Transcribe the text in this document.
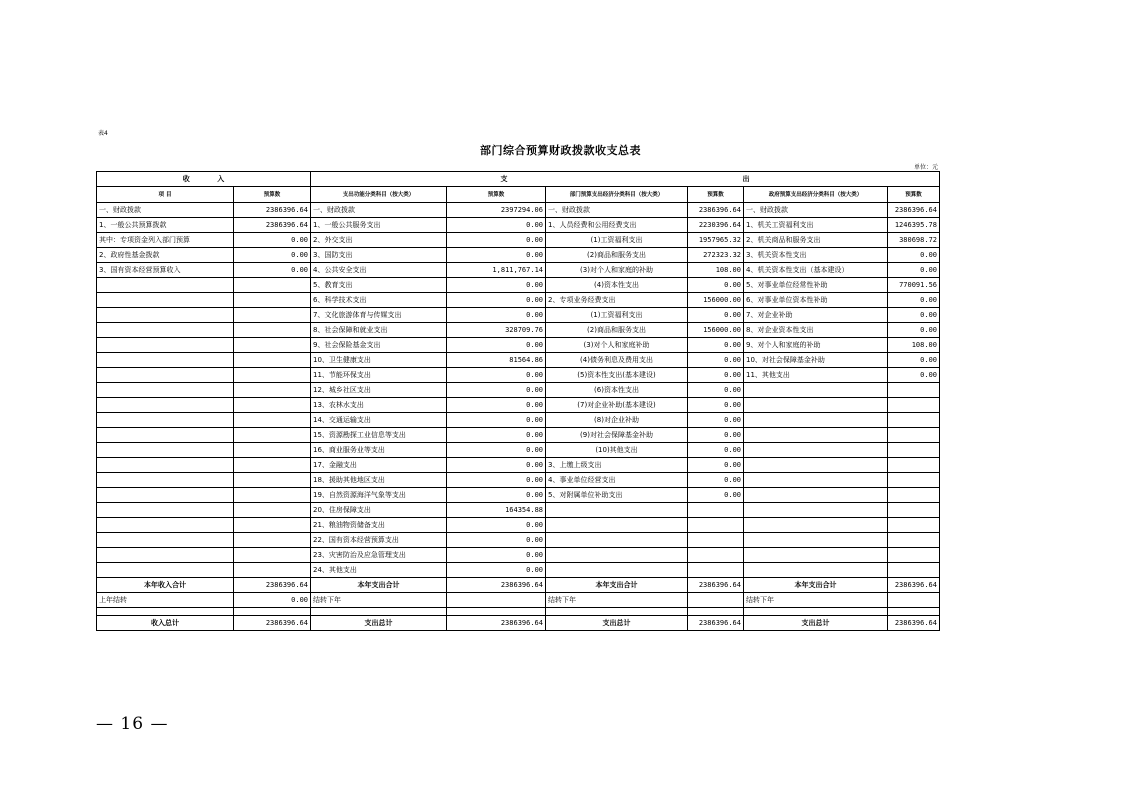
表4
部门综合预算财政拨款收支总表
单位：元
收 入		支 出					

项 目	预算数	支出功能分类科目（按大类）	预算数	部门预算支出经济分类科目（按大类）	预算数	政府预算支出经济分类科目（按大类）	预算数
一、财政拨款	2386396.64	一、财政拨款	2397294.06	一、财政拨款	2386396.64	一、财政拨款	2386396.64
1、一般公共预算拨款	2386396.64	1、一般公共服务支出	0.00	1、人员经费和公用经费支出	2230396.64	1、机关工资福利支出	1246395.78
其中：专项资金列入部门预算	0.00	2、外交支出	0.00	(1)工资福利支出	1957965.32	2、机关商品和服务支出	380698.72
2、政府性基金拨款	0.00	3、国防支出	0.00	(2)商品和服务支出	272323.32	3、机关资本性支出	0.00
3、国有资本经营预算收入	0.00	4、公共安全支出	1,811,767.14	(3)对个人和家庭的补助	108.00	4、机关资本性支出（基本建设）	0.00
		5、教育支出	0.00	(4)资本性支出	0.00	5、对事业单位经常性补助	770091.56
		6、科学技术支出	0.00	2、专项业务经费支出	156000.00	6、对事业单位资本性补助	0.00
		7、文化旅游体育与传媒支出	0.00	(1)工资福利支出	0.00	7、对企业补助	0.00
		8、社会保障和就业支出	328709.76	(2)商品和服务支出	156000.00	8、对企业资本性支出	0.00
		9、社会保险基金支出	0.00	(3)对个人和家庭补助	0.00	9、对个人和家庭的补助	108.00
		10、卫生健康支出	81564.86	(4)债务利息及费用支出	0.00	10、对社会保障基金补助	0.00
		11、节能环保支出	0.00	(5)资本性支出(基本建设)	0.00	11、其他支出	0.00
		12、城乡社区支出	0.00	(6)资本性支出	0.00		
		13、农林水支出	0.00	(7)对企业补助(基本建设)	0.00		
		14、交通运输支出	0.00	(8)对企业补助	0.00		
		15、资源勘探工业信息等支出	0.00	(9)对社会保障基金补助	0.00		
		16、商业服务业等支出	0.00	(10)其他支出	0.00		
		17、金融支出	0.00	3、上缴上级支出	0.00		
		18、援助其他地区支出	0.00	4、事业单位经营支出	0.00		
		19、自然资源海洋气象等支出	0.00	5、对附属单位补助支出	0.00		
		20、住房保障支出	164354.88				
		21、粮油物资储备支出	0.00				
		22、国有资本经营预算支出	0.00				
		23、灾害防治及应急管理支出	0.00				
		24、其他支出	0.00				
本年收入合计	2386396.64	本年支出合计	2386396.64	本年支出合计	2386396.64	本年支出合计	2386396.64
上年结转	0.00	结转下年		结转下年		结转下年	

收入总计	2386396.64	支出总计	2386396.64	支出总计	2386396.64	支出总计	2386396.64
— 16 —
